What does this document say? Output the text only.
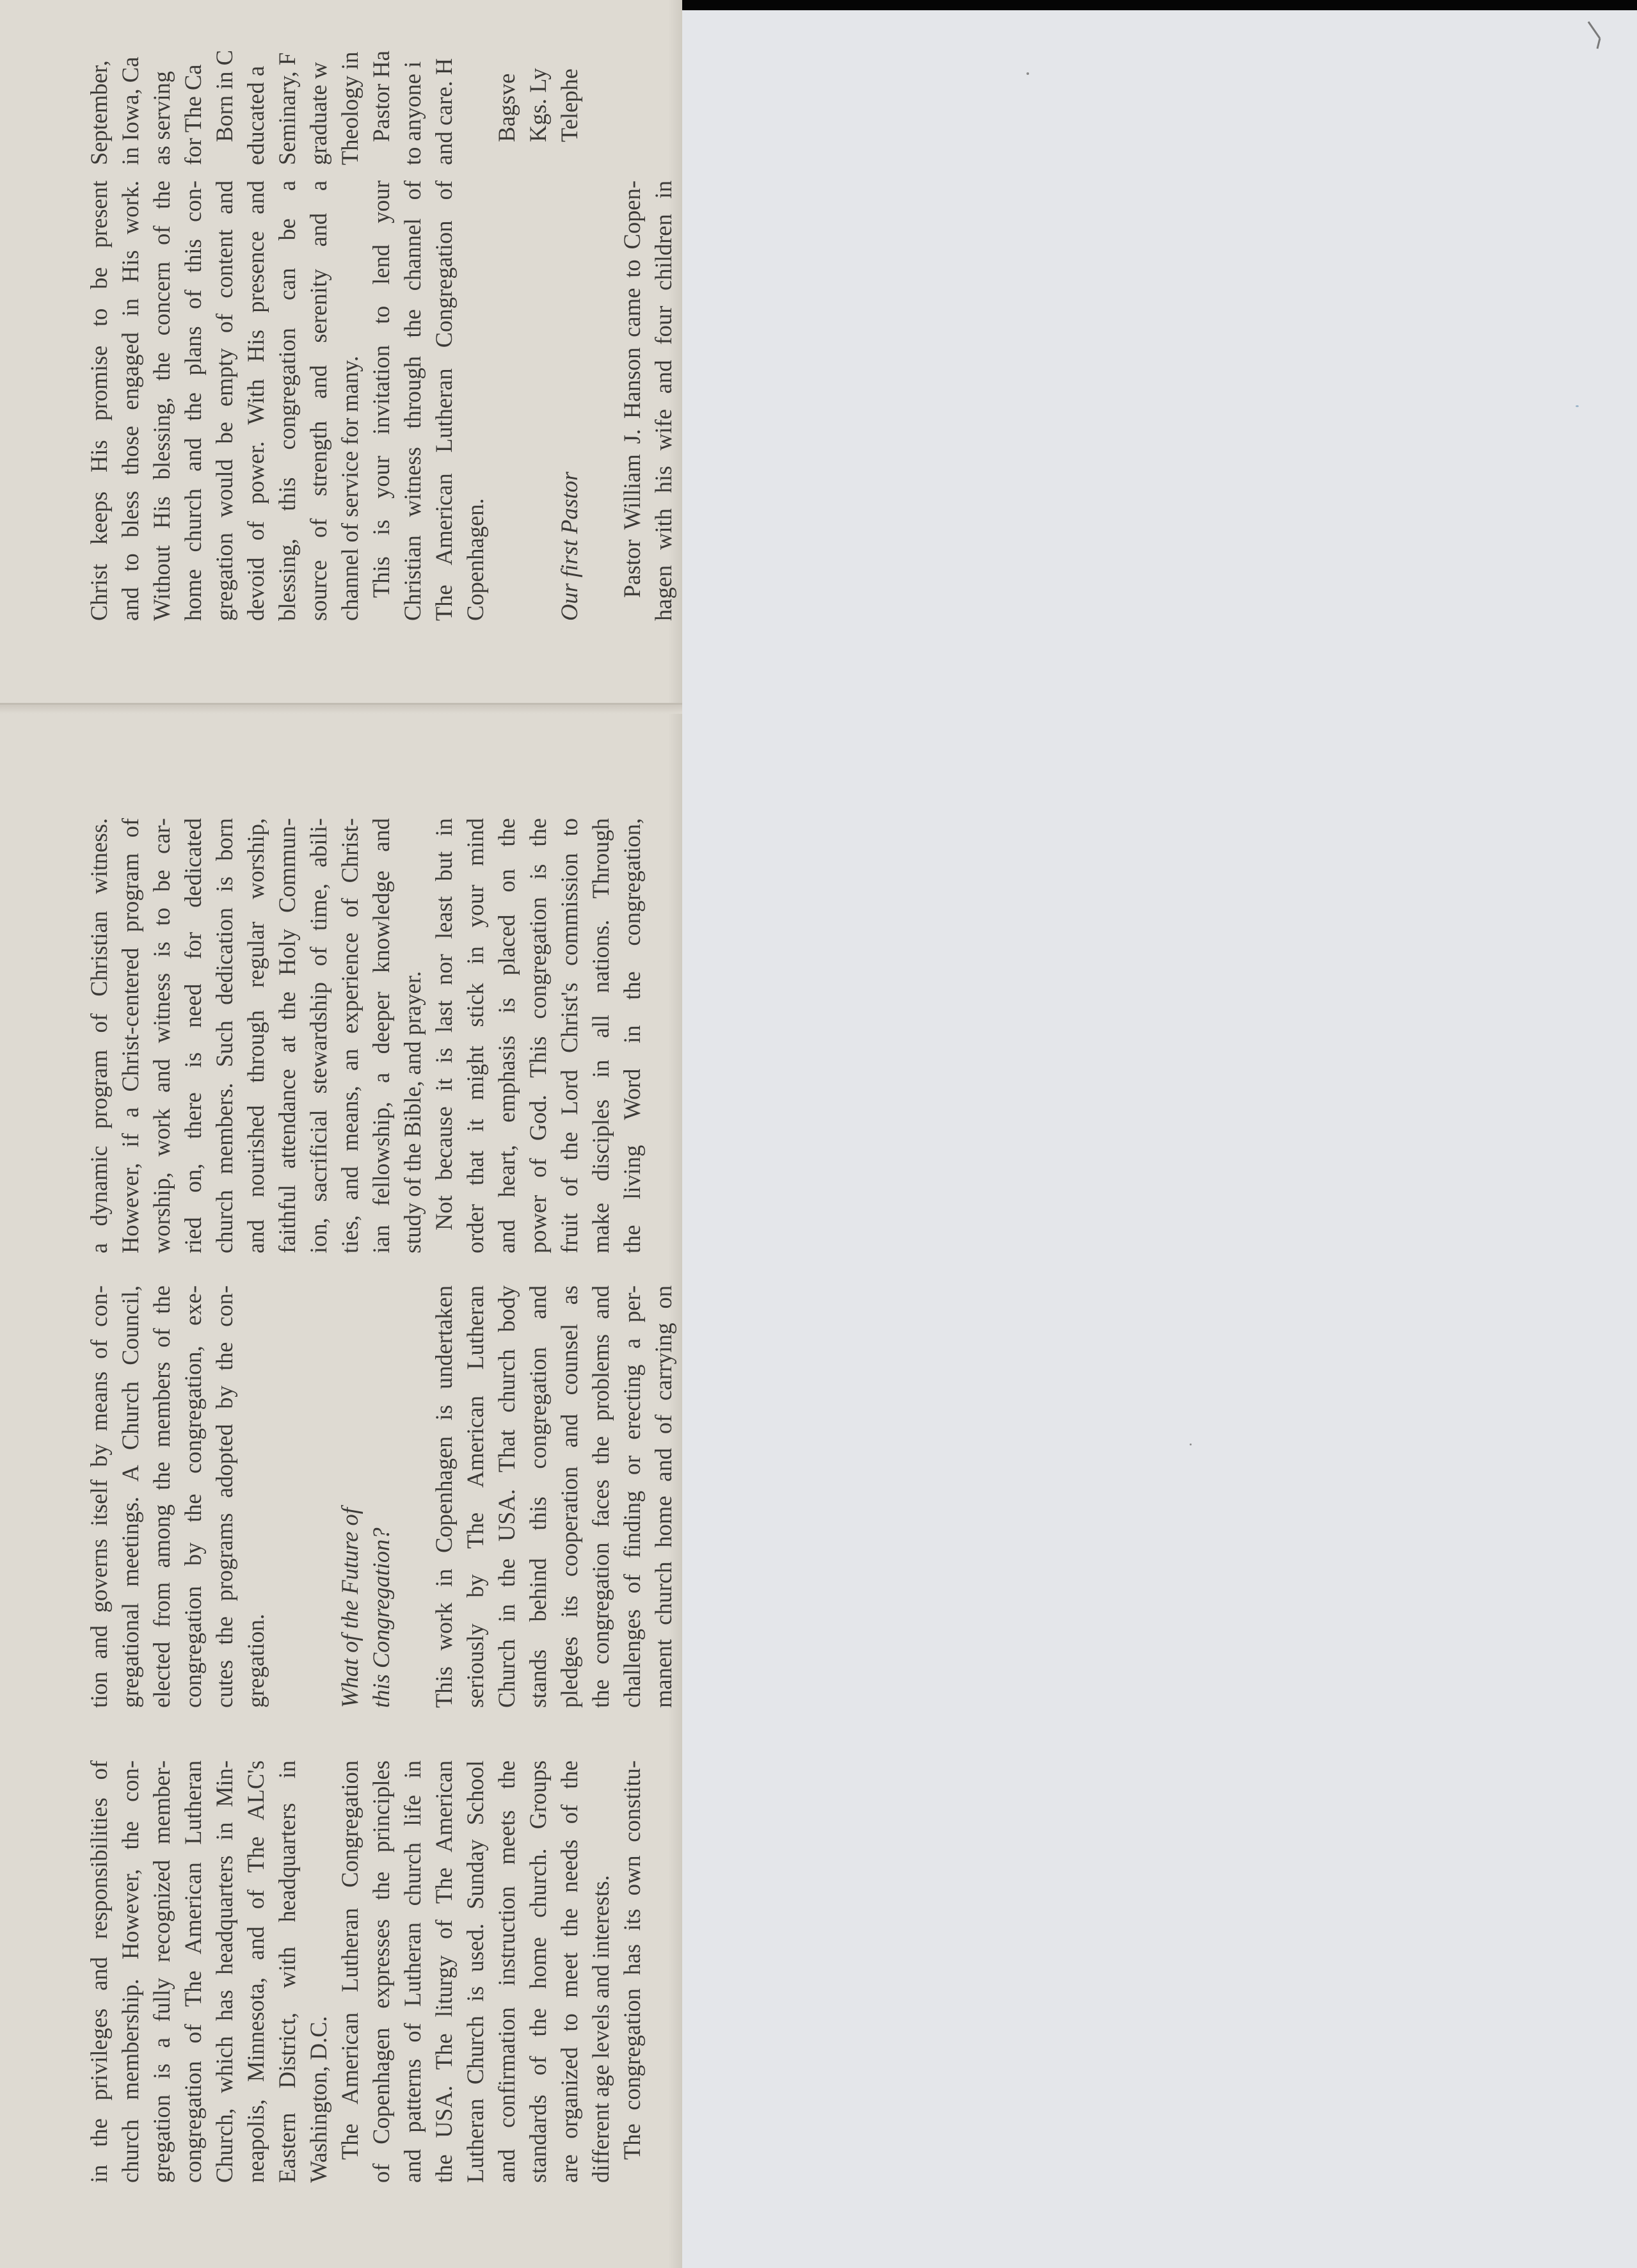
in the privileges and responsibilities of church membership. However, the con- gregation is a fully recognized member- congregation of The American Lutheran Church, which has headquarters in Min- neapolis, Minnesota, and of The ALC's Eastern District, with headquarters in Washington, D.C. The American Lutheran Congregation of Copenhagen expresses the principles and patterns of Lutheran church life in the USA. The liturgy of The American Lutheran Church is used. Sunday School and confirmation instruction meets the standards of the home church. Groups are organized to meet the needs of the different age levels and interests. The congregation has its own constitu-
tion and governs itself by means of con- gregational meetings. A Church Council, elected from among the members of the congregation by the congregation, exe- cutes the programs adopted by the con- gregation.	What of the Future of this Congregation? This work in Copenhagen is undertaken seriously by The American Lutheran Church in the USA. That church body stands behind this congregation and pledges its cooperation and counsel as the congregation faces the problems and challenges of finding or erecting a per- manent church home and of carrying on
a dynamic program of Christian witness. However, if a Christ-centered program of worship, work and witness is to be car- ried on, there is need for dedicated church members. Such dedication is born and nourished through regular worship, faithful attendance at the Holy Commun- ion, sacrificial stewardship of time, abili- ties, and means, an experience of Christ- ian fellowship, a deeper knowledge and study of the Bible, and prayer. Not because it is last nor least but in order that it might stick in your mind and heart, emphasis is placed on the power of God. This congregation is the fruit of the Lord Christ's commission to make disciples in all nations. Through the living Word in the congregation,
Christ keeps His promise to be present and to bless those engaged in His work. Without His blessing, the concern of the home church and the plans of this con- gregation would be empty of content and devoid of power. With His presence and blessing, this congregation can be a source of strength and serenity and a channel of service for many. This is your invitation to lend your Christian witness through the channel of The American Lutheran Congregation of Copenhagen.	Our first Pastor Pastor William J. Hanson came to Copen- hagen with his wife and four children in
September, in Iowa, Ca as serving for The Ca Born in C educated a Seminary, F graduate w Theology in Pastor Ha to anyone i and care. H Bagsve Kgs. Ly Telephe
